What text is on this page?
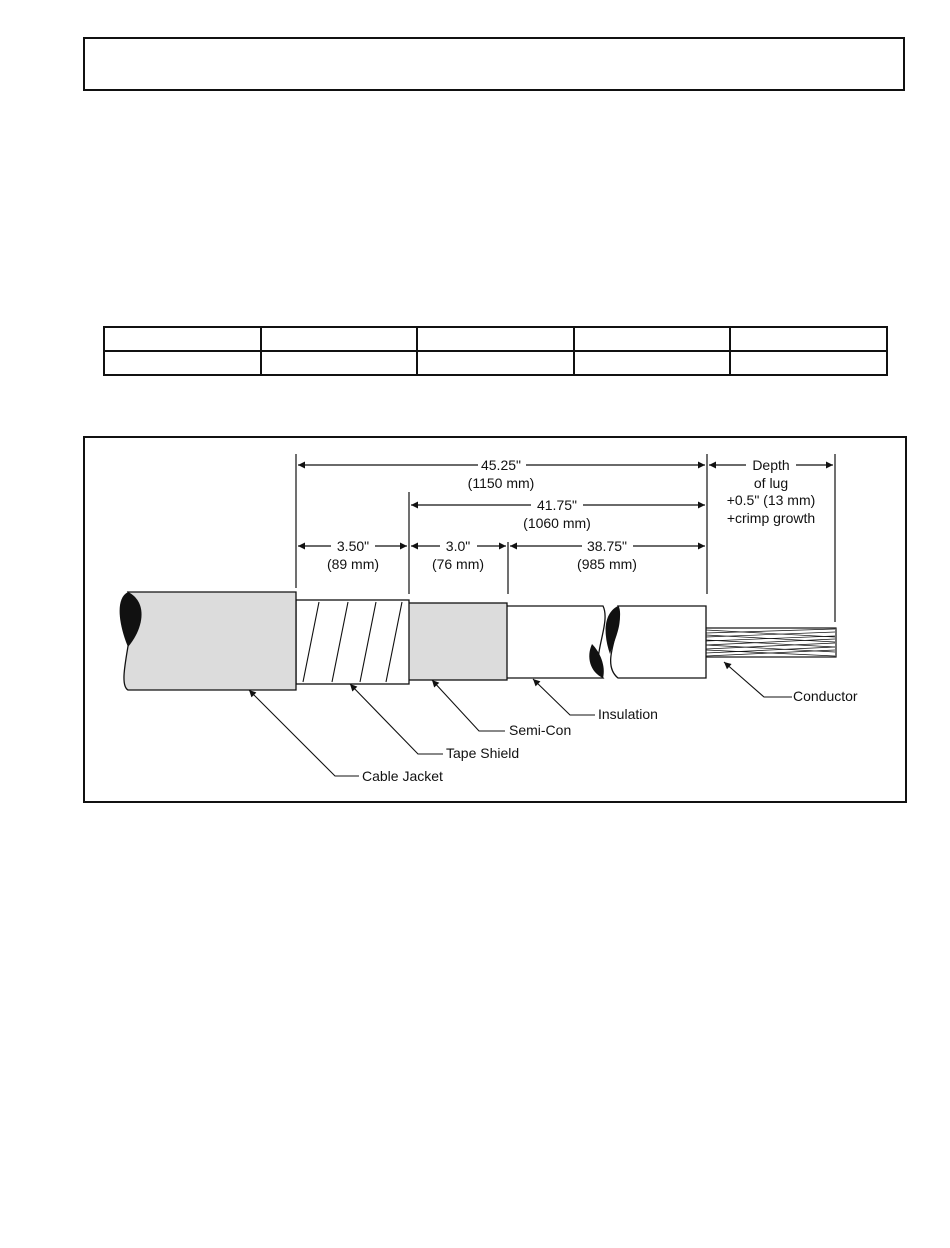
45.25"
(1150 mm)
41.75"
(1060 mm)
3.50"
(89 mm)
3.0"
(76 mm)
38.75"
(985 mm)
Depth
of lug
+0.5" (13 mm)
+crimp growth
Conductor
Insulation
Semi-Con
Tape Shield
Cable Jacket
